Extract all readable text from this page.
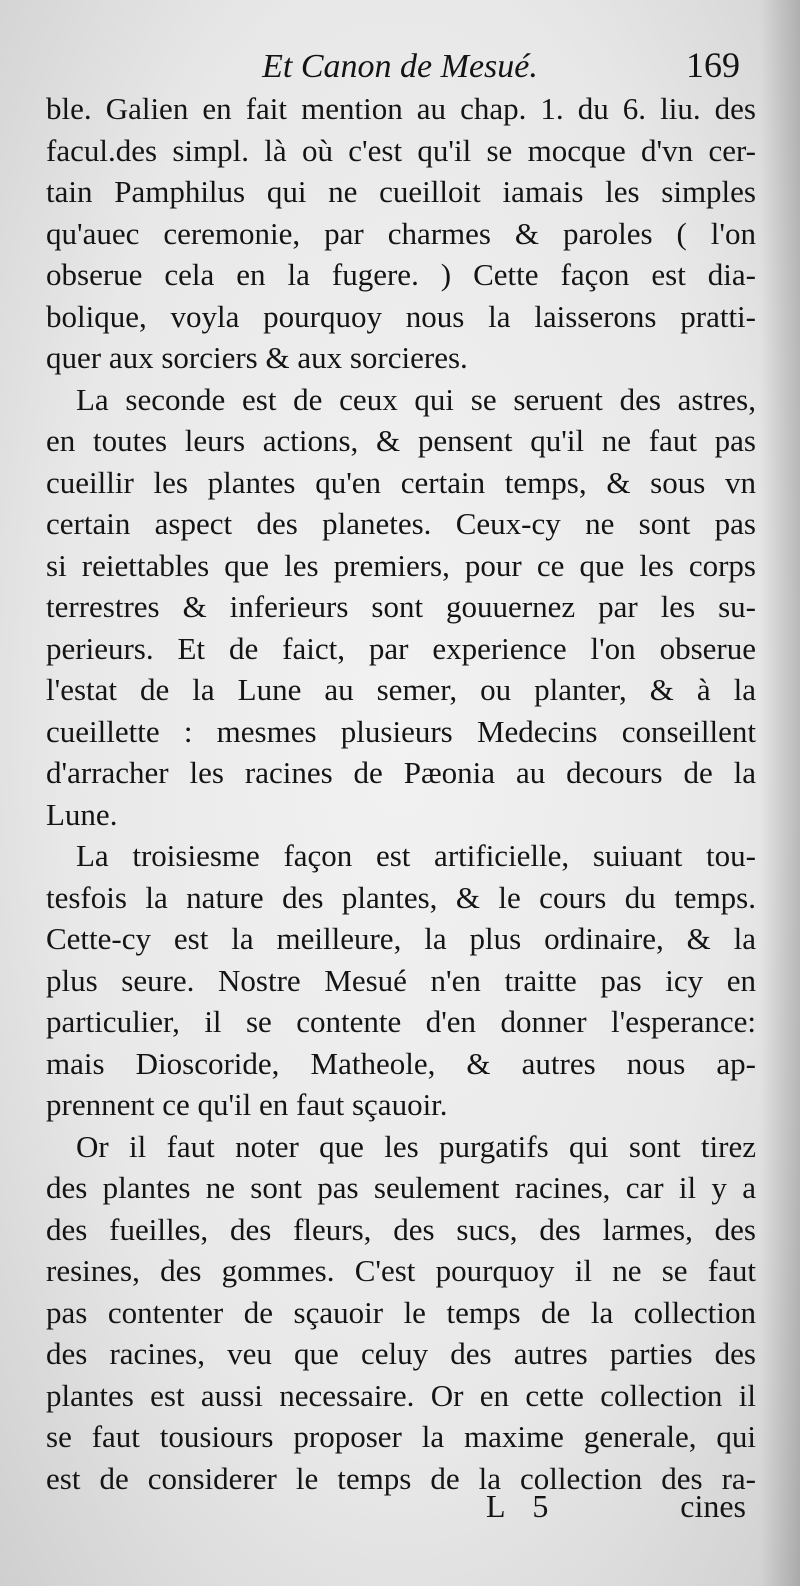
Et Canon de Mesué.	169
ble. Galien en fait mention au chap. 1. du 6. liu. des
facul.des simpl. là où c'est qu'il se mocque d'vn cer-
tain Pamphilus qui ne cueilloit iamais les simples
qu'auec ceremonie, par charmes & paroles ( l'on
obserue cela en la fugere. ) Cette façon est dia-
bolique, voyla pourquoy nous la laisserons pratti-
quer aux sorciers & aux sorcieres.
La seconde est de ceux qui se seruent des astres,
en toutes leurs actions, & pensent qu'il ne faut pas
cueillir les plantes qu'en certain temps, & sous vn
certain aspect des planetes. Ceux-cy ne sont pas
si reiettables que les premiers, pour ce que les corps
terrestres & inferieurs sont gouuernez par les su-
perieurs. Et de faict, par experience l'on obserue
l'estat de la Lune au semer, ou planter, & à la
cueillette : mesmes plusieurs Medecins conseillent
d'arracher les racines de Pæonia au decours de la
Lune.
La troisiesme façon est artificielle, suiuant tou-
tesfois la nature des plantes, & le cours du temps.
Cette-cy est la meilleure, la plus ordinaire, & la
plus seure. Nostre Mesué n'en traitte pas icy en
particulier, il se contente d'en donner l'esperance:
mais Dioscoride, Matheole, & autres nous ap-
prennent ce qu'il en faut sçauoir.
Or il faut noter que les purgatifs qui sont tirez
des plantes ne sont pas seulement racines, car il y a
des fueilles, des fleurs, des sucs, des larmes, des
resines, des gommes. C'est pourquoy il ne se faut
pas contenter de sçauoir le temps de la collection
des racines, veu que celuy des autres parties des
plantes est aussi necessaire. Or en cette collection il
se faut tousiours proposer la maxime generale, qui
est de considerer le temps de la collection des ra-
L 5	cines
